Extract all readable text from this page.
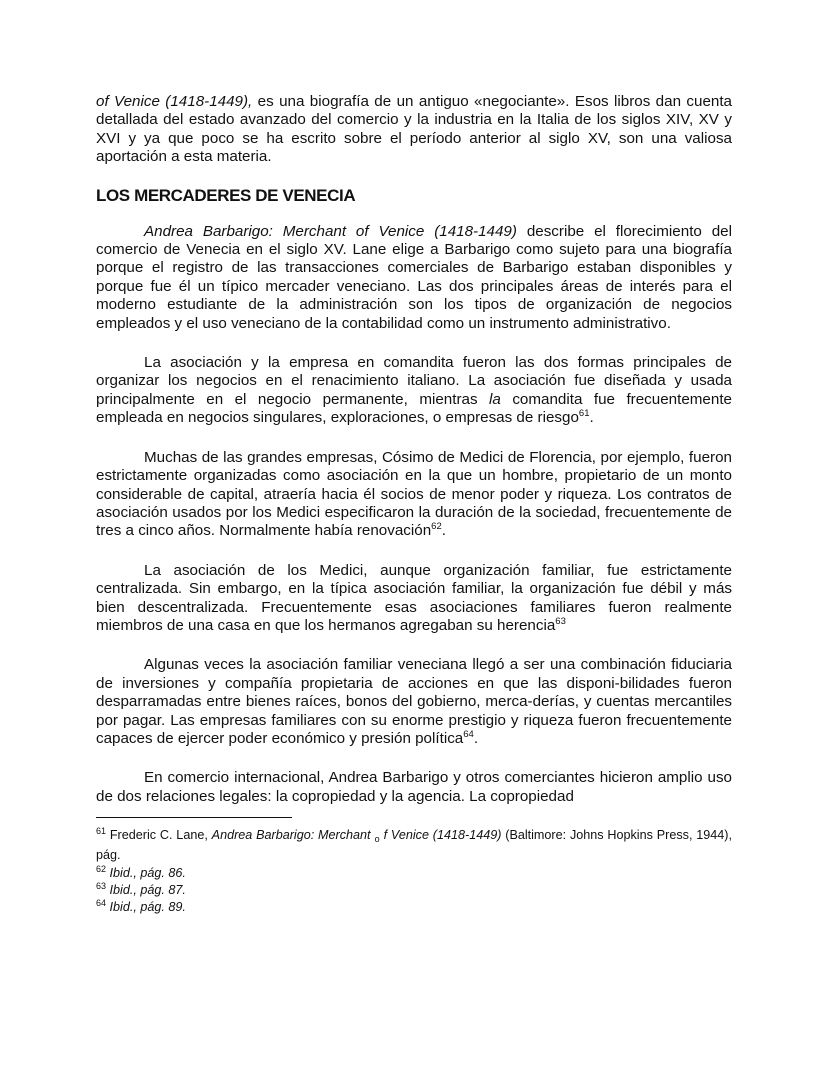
of Venice (1418-1449), es una biografía de un antiguo «negociante». Esos libros dan cuenta detallada del estado avanzado del comercio y la industria en la Italia de los siglos XIV, XV y XVI y ya que poco se ha escrito sobre el período anterior al siglo XV, son una valiosa aportación a esta materia.

LOS MERCADERES DE VENECIA

Andrea Barbarigo: Merchant of Venice (1418-1449) describe el florecimiento del comercio de Venecia en el siglo XV. Lane elige a Barbarigo como sujeto para una biografía porque el registro de las transacciones comerciales de Barbarigo estaban disponibles y porque fue él un típico mercader veneciano. Las dos principales áreas de interés para el moderno estudiante de la administración son los tipos de organización de negocios empleados y el uso veneciano de la contabilidad como un instrumento administrativo.

La asociación y la empresa en comandita fueron las dos formas principales de organizar los negocios en el renacimiento italiano. La asociación fue diseñada y usada principalmente en el negocio permanente, mientras la comandita fue frecuentemente empleada en negocios singulares, exploraciones, o empresas de riesgo$^{61}$.

Muchas de las grandes empresas, Cósimo de Medici de Florencia, por ejemplo, fueron estrictamente organizadas como asociación en la que un hombre, propietario de un monto considerable de capital, atraería hacia él socios de menor poder y riqueza. Los contratos de asociación usados por los Medici especificaron la duración de la sociedad, frecuentemente de tres a cinco años. Normalmente había renovación$^{62}$.

La asociación de los Medici, aunque organización familiar, fue estrictamente centralizada. Sin embargo, en la típica asociación familiar, la organización fue débil y más bien descentralizada. Frecuentemente esas asociaciones familiares fueron realmente miembros de una casa en que los hermanos agregaban su herencia$^{63}$

Algunas veces la asociación familiar veneciana llegó a ser una combinación fiduciaria de inversiones y compañía propietaria de acciones en que las disponi-bilidades fueron desparramadas entre bienes raíces, bonos del gobierno, merca-derías, y cuentas mercantiles por pagar. Las empresas familiares con su enorme prestigio y riqueza fueron frecuentemente capaces de ejercer poder económico y presión política$^{64}$.

En comercio internacional, Andrea Barbarigo y otros comerciantes hicieron amplio uso de dos relaciones legales: la copropiedad y la agencia. La copropiedad

$^{61}$ Frederic C. Lane, Andrea Barbarigo: Merchant $_o$ f Venice (1418-1449) (Baltimore: Johns Hopkins Press, 1944), pág.

$^{62}$ Ibid., pág. 86.

$^{63}$ Ibid., pág. 87.

$^{64}$ Ibid., pág. 89.
